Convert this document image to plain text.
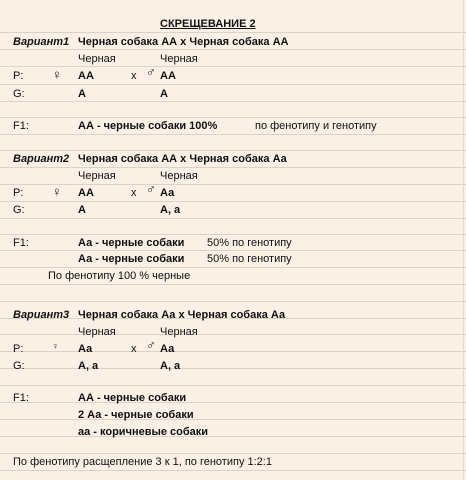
СКРЕЩЕВАНИЕ 2
Вариант1 Черная собака АА х Черная собака АА
Черная	Черная
P: ♀ АА	x ♂ АА
G:	А	А
F1:	АА - черные собаки 100%	по фенотипу и генотипу
Вариант2 Черная собака АА х Черная собака Аа
Черная	Черная
P: ♀ АА	x ♂ Аа
G:	А	А, а
F1:	Аа - черные собаки 50% по генотипу
Аа - черные собаки 50% по генотипу
По фенотипу 100 % черные
Вариант3 Черная собака Аа х Черная собака Аа
Черная	Черная
P:	♀ Аа	x ♂ Аа
G:	А, а	А, а
F1:	АА - черные собаки
2 Аа - черные собаки
аа - коричневые собаки
По фенотипу расщепление 3 к 1, по генотипу 1:2:1
